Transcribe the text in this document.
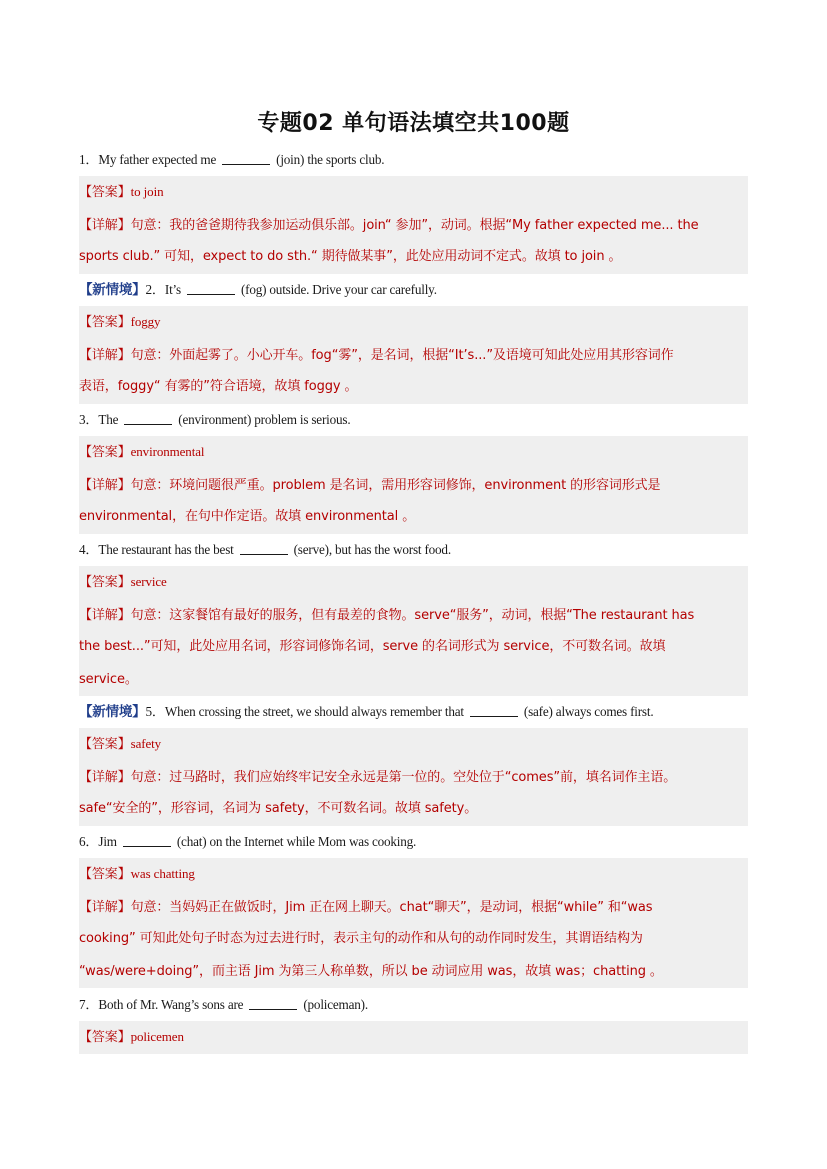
专题02 单句语法填空共100题
1．My father expected me	(join) the sports club.
【答案】to join
【详解】句意：我的爸爸期待我参加运动俱乐部。join“ 参加”，动词。根据“My father expected me... the
sports club.” 可知，expect to do sth.“ 期待做某事”，此处应用动词不定式。故填 to join 。
【新情境】2．It’s	(fog) outside. Drive your car carefully.
【答案】foggy
【详解】句意：外面起雾了。小心开车。fog“雾”，是名词，根据“It’s...”及语境可知此处应用其形容词作
表语，foggy“ 有雾的”符合语境，故填 foggy 。
3．The	(environment) problem is serious.
【答案】environmental
【详解】句意：环境问题很严重。problem 是名词，需用形容词修饰，environment 的形容词形式是
environmental，在句中作定语。故填 environmental 。
4．The restaurant has the best	(serve), but has the worst food.
【答案】service
【详解】句意：这家餐馆有最好的服务，但有最差的食物。serve“服务”，动词，根据“The restaurant has
the best...”可知，此处应用名词，形容词修饰名词，serve 的名词形式为 service，不可数名词。故填
service。
【新情境】5．When crossing the street, we should always remember that	(safe) always comes first.
【答案】safety
【详解】句意：过马路时，我们应始终牢记安全永远是第一位的。空处位于“comes”前，填名词作主语。
safe“安全的”，形容词，名词为 safety，不可数名词。故填 safety。
6．Jim	(chat) on the Internet while Mom was cooking.
【答案】was chatting
【详解】句意：当妈妈正在做饭时，Jim 正在网上聊天。chat“聊天”，是动词，根据“while” 和“was
cooking” 可知此处句子时态为过去进行时，表示主句的动作和从句的动作同时发生，其谓语结构为
“was/were+doing”，而主语 Jim 为第三人称单数，所以 be 动词应用 was，故填 was；chatting 。
7．Both of Mr. Wang’s sons are	(policeman).
【答案】policemen
